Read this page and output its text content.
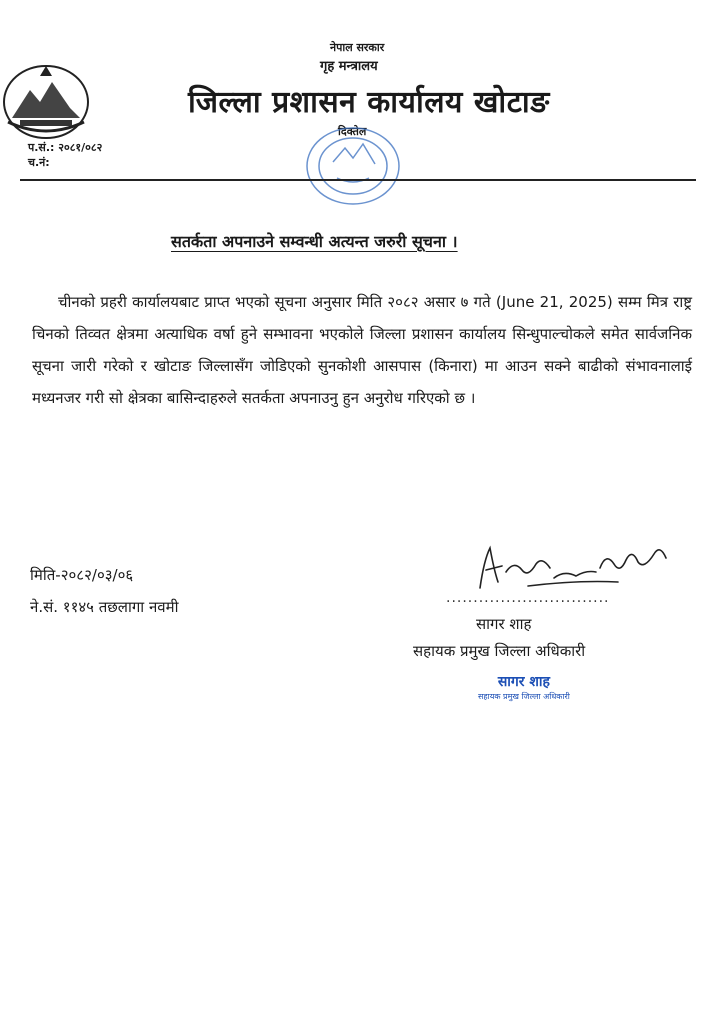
नेपाल सरकार
गृह मन्त्रालय
जिल्ला प्रशासन कार्यालय खोटाङ
दिक्तेल
प.सं.: २०८१/०८२
च.नं:
सतर्कता अपनाउने सम्वन्धी अत्यन्त जरुरी सूचना ।
चीनको प्रहरी कार्यालयबाट प्राप्त भएको सूचना अनुसार मिति २०८२ असार ७ गते (June 21, 2025) सम्म मित्र राष्ट्र चिनको तिव्वत क्षेत्रमा अत्याधिक वर्षा हुने सम्भावना भएकोले जिल्ला प्रशासन कार्यालय सिन्धुपाल्चोकले समेत सार्वजनिक सूचना जारी गरेको र खोटाङ जिल्लासँग जोडिएको सुनकोशी आसपास (किनारा) मा आउन सक्ने बाढीको संभावनालाई मध्यनजर गरी सो क्षेत्रका बासिन्दाहरुले सतर्कता अपनाउनु हुन अनुरोध गरिएको छ ।
मिति-२०८२/०३/०६
ने.सं. ११४५ तछलागा नवमी	..............................
सागर शाह
सहायक प्रमुख जिल्ला अधिकारी
सागर शाह
सहायक प्रमुख जिल्ला अधिकारी
